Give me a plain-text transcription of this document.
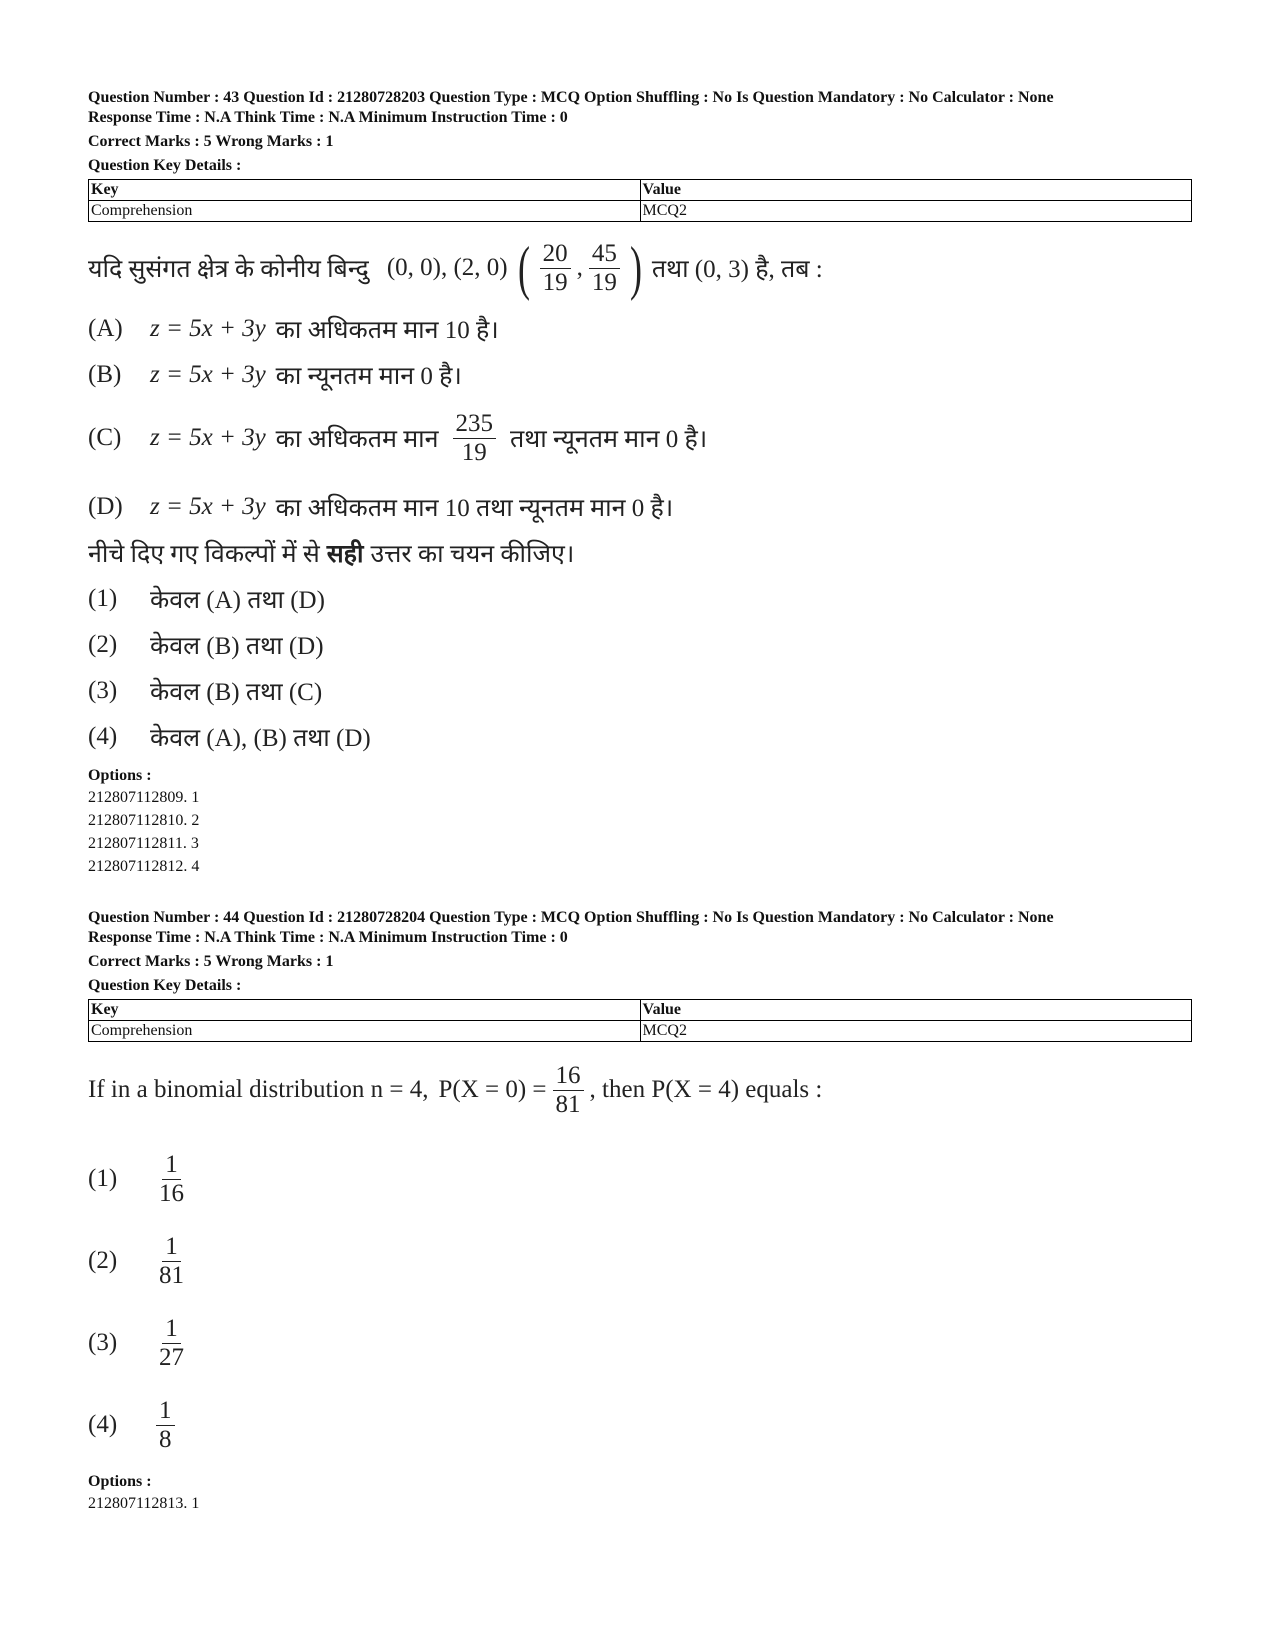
Question Number : 43 Question Id : 21280728203 Question Type : MCQ Option Shuffling : No Is Question Mandatory : No Calculator : None

Response Time : N.A Think Time : N.A Minimum Instruction Time : 0

Correct Marks : 5 Wrong Marks : 1

Question Key Details :

Key	Value
Comprehension	MCQ2
यदि सुसंगत क्षेत्र के कोनीय बिन्दु (0, 0), (2, 0) ( $\frac{20}{19}$ , $\frac{45}{19}$ ) तथा (0, 3) है, तब :
(A)	z = 5x + 3y का अधिकतम मान 10 है।
(B)	z = 5x + 3y का न्यूनतम मान 0 है।
(C)	z = 5x + 3y का अधिकतम मान $\frac{235}{19}$ तथा न्यूनतम मान 0 है।
(D)	z = 5x + 3y का अधिकतम मान 10 तथा न्यूनतम मान 0 है।
नीचे दिए गए विकल्पों में से सही उत्तर का चयन कीजिए।
(1)	केवल (A) तथा (D)
(2)	केवल (B) तथा (D)
(3)	केवल (B) तथा (C)
(4)	केवल (A), (B) तथा (D)
Options :
212807112809. 1
212807112810. 2
212807112811. 3
212807112812. 4

Question Number : 44 Question Id : 21280728204 Question Type : MCQ Option Shuffling : No Is Question Mandatory : No Calculator : None

Response Time : N.A Think Time : N.A Minimum Instruction Time : 0

Correct Marks : 5 Wrong Marks : 1

Question Key Details :

Key	Value
Comprehension	MCQ2
If in a binomial distribution n = 4, $P(X = 0) = \frac{16}{81}$ , then P(X = 4) equals :
(1)	$\frac{1}{16}$
(2)	$\frac{1}{81}$
(3)	$\frac{1}{27}$
(4)	$\frac{1}{8}$
Options :
212807112813. 1
